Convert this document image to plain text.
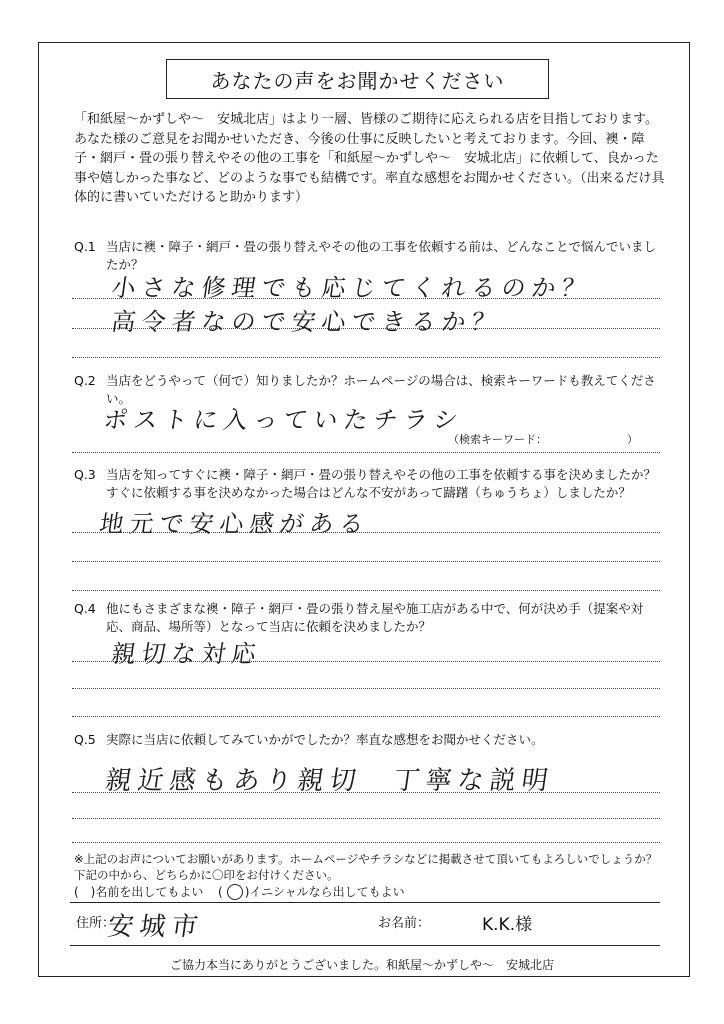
あなたの声をお聞かせください
「和紙屋～かずしや～　安城北店」はより一層、皆様のご期待に応えられる店を目指しております。あなた様のご意見をお聞かせいただき、今後の仕事に反映したいと考えております。今回、襖・障子・網戸・畳の張り替えやその他の工事を「和紙屋～かずしや～　安城北店」に依頼して、良かった事や嬉しかった事など、どのような事でも結構です。率直な感想をお聞かせください。（出来るだけ具体的に書いていただけると助かります）
Q.1 当店に襖・障子・網戸・畳の張り替えやその他の工事を依頼する前は、どんなことで悩んでいましたか？
小さな修理でも応じてくれるのか？
高令者なので安心できるか？
Q.2 当店をどうやって（何で）知りましたか？ホームページの場合は、検索キーワードも教えてください。
ポストに入っていたチラシ
（検索キーワード：	）
Q.3 当店を知ってすぐに襖・障子・網戸・畳の張り替えやその他の工事を依頼する事を決めましたか？すぐに依頼する事を決めなかった場合はどんな不安があって躊躇（ちゅうちょ）しましたか？
地元で安心感がある
Q.4 他にもさまざまな襖・障子・網戸・畳の張り替え屋や施工店がある中で、何が決め手（提案や対応、商品、場所等）となって当店に依頼を決めましたか？
親切な対応
Q.5 実際に当店に依頼してみていかがでしたか？率直な感想をお聞かせください。
親近感もあり親切　丁寧な説明
※上記のお声についてお願いがあります。ホームページやチラシなどに掲載させて頂いてもよろしいでしょうか？ 下記の中から、どちらかに〇印をお付けください。
(　) 名前を出してもよい ( ○ ) イニシャルなら出してもよい
住所：
安城市	お名前：	K.K.様
ご協力本当にありがとうございました。和紙屋～かずしや～　安城北店
